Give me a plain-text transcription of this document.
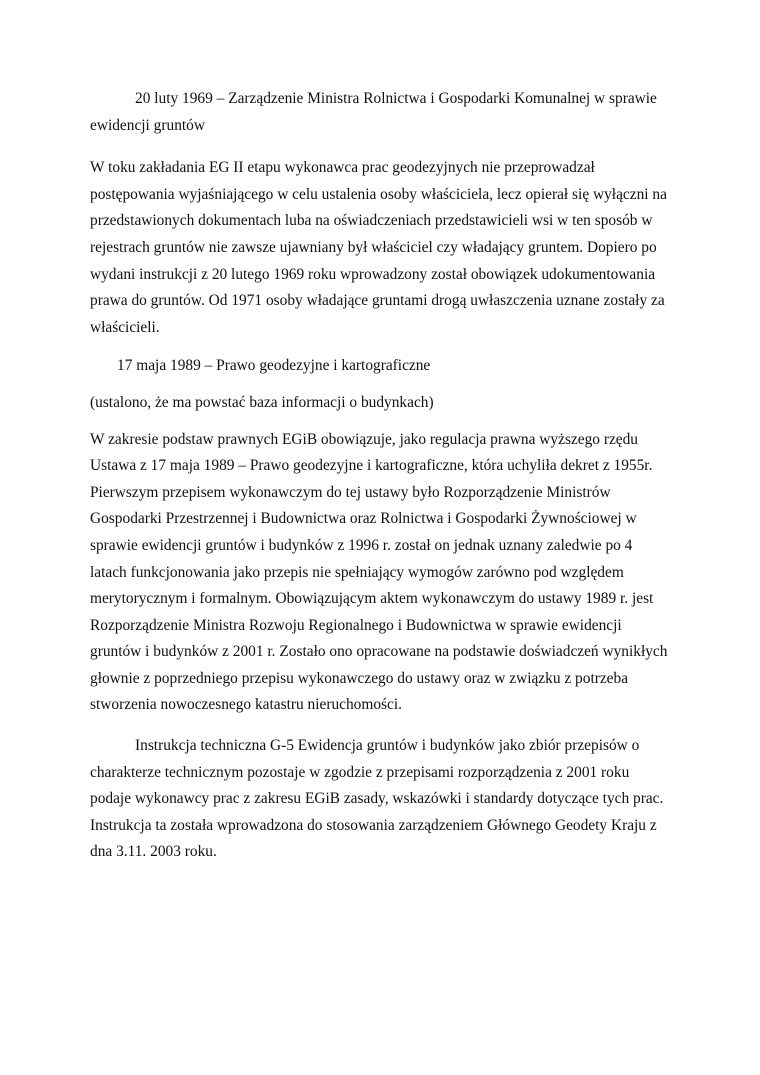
20 luty 1969 – Zarządzenie Ministra Rolnictwa i Gospodarki Komunalnej w sprawie ewidencji gruntów

W toku zakładania EG II etapu wykonawca prac geodezyjnych nie przeprowadzał postępowania wyjaśniającego w celu ustalenia osoby właściciela, lecz opierał się wyłączni na przedstawionych dokumentach luba na oświadczeniach przedstawicieli wsi w ten sposób w rejestrach gruntów nie zawsze ujawniany był właściciel czy władający gruntem. Dopiero po wydani instrukcji z 20 lutego 1969 roku wprowadzony został obowiązek udokumentowania prawa do gruntów. Od 1971 osoby władające gruntami drogą uwłaszczenia uznane zostały za właścicieli.

17 maja 1989 – Prawo geodezyjne i kartograficzne

(ustalono, że ma powstać baza informacji o budynkach)

W zakresie podstaw prawnych EGiB obowiązuje, jako regulacja prawna wyższego rzędu Ustawa z 17 maja 1989 – Prawo geodezyjne i kartograficzne, która uchyliła dekret z 1955r. Pierwszym przepisem wykonawczym do tej ustawy było Rozporządzenie Ministrów Gospodarki Przestrzennej i Budownictwa oraz Rolnictwa i Gospodarki Żywnościowej w sprawie ewidencji gruntów i budynków z 1996 r. został on jednak uznany zaledwie po 4 latach funkcjonowania jako przepis nie spełniający wymogów zarówno pod względem merytorycznym i formalnym. Obowiązującym aktem wykonawczym do ustawy 1989 r. jest Rozporządzenie Ministra Rozwoju Regionalnego i Budownictwa w sprawie ewidencji gruntów i budynków z 2001 r. Zostało ono opracowane na podstawie doświadczeń wynikłych głownie z poprzedniego przepisu wykonawczego do ustawy oraz w związku z potrzeba stworzenia nowoczesnego katastru nieruchomości.

Instrukcja techniczna G-5 Ewidencja gruntów i budynków jako zbiór przepisów o charakterze technicznym pozostaje w zgodzie z przepisami rozporządzenia z 2001 roku podaje wykonawcy prac z zakresu EGiB zasady, wskazówki i standardy dotyczące tych prac. Instrukcja ta została wprowadzona do stosowania zarządzeniem Głównego Geodety Kraju z dna 3.11. 2003 roku.
